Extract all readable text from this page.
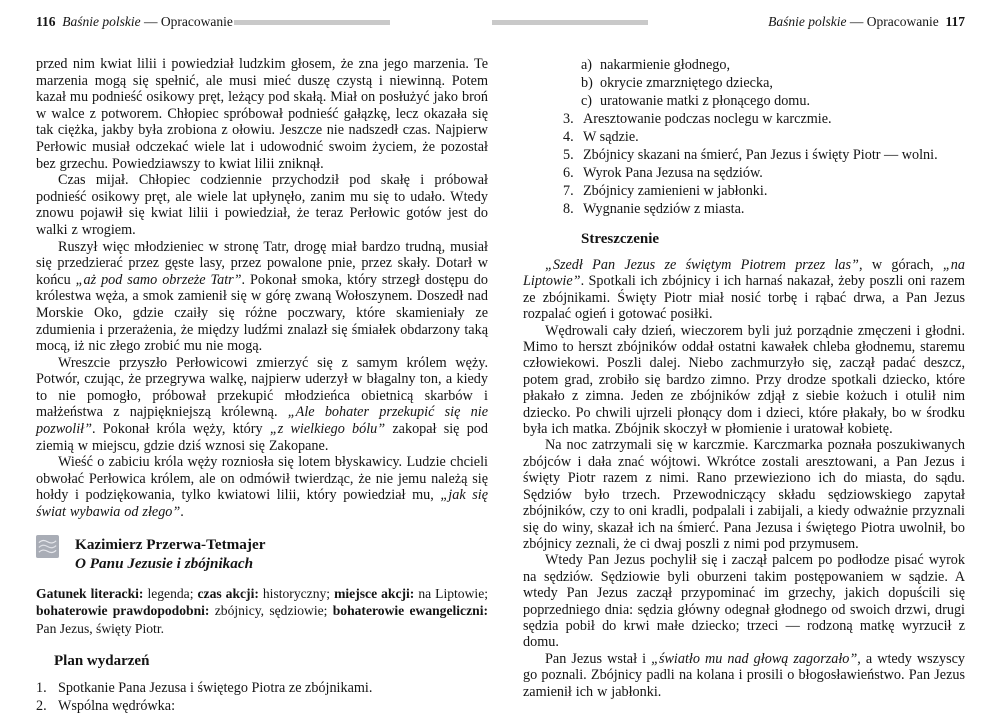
116 Baśnie polskie — Opracowanie

przed nim kwiat lilii i powiedział ludzkim głosem, że zna jego marzenia. Te marzenia mogą się spełnić, ale musi mieć duszę czystą i niewinną. Potem kazał mu podnieść osikowy pręt, leżący pod skałą. Miał on posłużyć jako broń w walce z potworem. Chłopiec spróbował podnieść gałązkę, lecz okazała się tak ciężka, jakby była zrobiona z ołowiu. Jeszcze nie nadszedł czas. Najpierw Perłowic musiał odczekać wiele lat i udowodnić swoim życiem, że pozostał bez grzechu. Powiedziawszy to kwiat lilii zniknął.

Czas mijał. Chłopiec codziennie przychodził pod skałę i próbował podnieść osikowy pręt, ale wiele lat upłynęło, zanim mu się to udało. Wtedy znowu pojawił się kwiat lilii i powiedział, że teraz Perłowic gotów jest do walki z wrogiem.

Ruszył więc młodzieniec w stronę Tatr, drogę miał bardzo trudną, musiał się przedzierać przez gęste lasy, przez powalone pnie, przez skały. Dotarł w końcu „aż pod samo obrzeże Tatr”. Pokonał smoka, który strzegł dostępu do królestwa węża, a smok zamienił się w górę zwaną Wołoszynem. Doszedł nad Morskie Oko, gdzie czaiły się różne poczwary, które skamieniały ze zdumienia i przerażenia, że między ludźmi znalazł się śmiałek obdarzony taką mocą, iż nic złego zrobić mu nie mogą.

Wreszcie przyszło Perłowicowi zmierzyć się z samym królem węży. Potwór, czując, że przegrywa walkę, najpierw uderzył w błagalny ton, a kiedy to nie pomogło, próbował przekupić młodzieńca obietnicą skarbów i małżeństwa z najpiękniejszą królewną. „Ale bohater przekupić się nie pozwolił”. Pokonał króla węży, który „z wielkiego bólu” zakopał się pod ziemią w miejscu, gdzie dziś wznosi się Zakopane.

Wieść o zabiciu króla węży rozniosła się lotem błyskawicy. Ludzie chcieli obwołać Perłowica królem, ale on odmówił twierdząc, że nie jemu należą się hołdy i podziękowania, tylko kwiatowi lilii, który powiedział mu, „jak się świat wybawia od złego”.

Kazimierz Przerwa-Tetmajer
O Panu Jezusie i zbójnikach
Gatunek literacki: legenda; czas akcji: historyczny; miejsce akcji: na Liptowie; bohaterowie prawdopodobni: zbójnicy, sędziowie; bohaterowie ewangeliczni: Pan Jezus, święty Piotr.
Plan wydarzeń
1. Spotkanie Pana Jezusa i świętego Piotra ze zbójnikami.
2. Wspólna wędrówka:
Baśnie polskie — Opracowanie 117
a) nakarmienie głodnego,
b) okrycie zmarzniętego dziecka,
c) uratowanie matki z płonącego domu.
3. Aresztowanie podczas noclegu w karczmie.
4. W sądzie.
5. Zbójnicy skazani na śmierć, Pan Jezus i święty Piotr — wolni.
6. Wyrok Pana Jezusa na sędziów.
7. Zbójnicy zamienieni w jabłonki.
8. Wygnanie sędziów z miasta.
Streszczenie

„Szedł Pan Jezus ze świętym Piotrem przez las”, w górach, „na Liptowie”. Spotkali ich zbójnicy i ich harnaś nakazał, żeby poszli oni razem ze zbójnikami. Święty Piotr miał nosić torbę i rąbać drwa, a Pan Jezus rozpalać ogień i gotować posiłki.

Wędrowali cały dzień, wieczorem byli już porządnie zmęczeni i głodni. Mimo to herszt zbójników oddał ostatni kawałek chleba głodnemu, staremu człowiekowi. Poszli dalej. Niebo zachmurzyło się, zaczął padać deszcz, potem grad, zrobiło się bardzo zimno. Przy drodze spotkali dziecko, które płakało z zimna. Jeden ze zbójników zdjął z siebie kożuch i otulił nim dziecko. Po chwili ujrzeli płonący dom i dzieci, które płakały, bo w środku była ich matka. Zbójnik skoczył w płomienie i uratował kobietę.

Na noc zatrzymali się w karczmie. Karczmarka poznała poszukiwanych zbójców i dała znać wójtowi. Wkrótce zostali aresztowani, a Pan Jezus i święty Piotr razem z nimi. Rano przewieziono ich do miasta, do sądu. Sędziów było trzech. Przewodniczący składu sędziowskiego zapytał zbójników, czy to oni kradli, podpalali i zabijali, a kiedy odważnie przyznali się do winy, skazał ich na śmierć. Pana Jezusa i świętego Piotra uwolnił, bo zbójnicy zeznali, że ci dwaj poszli z nimi pod przymusem.

Wtedy Pan Jezus pochylił się i zaczął palcem po podłodze pisać wyrok na sędziów. Sędziowie byli oburzeni takim postępowaniem w sądzie. A wtedy Pan Jezus zaczął przypominać im grzechy, jakich dopuścili się poprzedniego dnia: sędzia główny odegnał głodnego od swoich drzwi, drugi sędzia pobił do krwi małe dziecko; trzeci — rodzoną matkę wyrzucił z domu.

Pan Jezus wstał i „światło mu nad głową zagorzało”, a wtedy wszyscy go poznali. Zbójnicy padli na kolana i prosili o błogosławieństwo. Pan Jezus zamienił ich w jabłonki.
